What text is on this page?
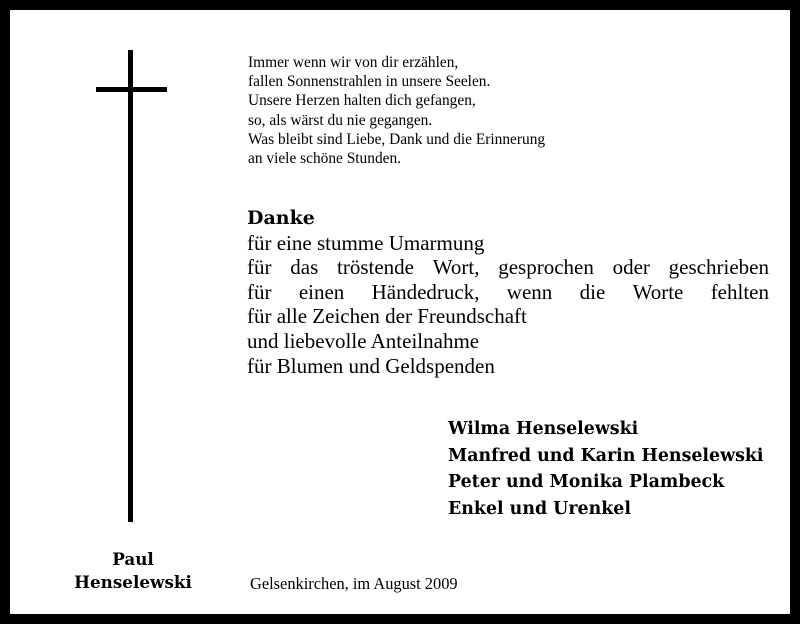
Immer wenn wir von dir erzählen,
fallen Sonnenstrahlen in unsere Seelen.
Unsere Herzen halten dich gefangen,
so, als wärst du nie gegangen.
Was bleibt sind Liebe, Dank und die Erinnerung
an viele schöne Stunden.
Danke
für eine stumme Umarmung
für das tröstende Wort, gesprochen oder geschrieben
für einen Händedruck, wenn die Worte fehlten
für alle Zeichen der Freundschaft
und liebevolle Anteilnahme
für Blumen und Geldspenden
Wilma Henselewski
Manfred und Karin Henselewski
Peter und Monika Plambeck
Enkel und Urenkel
Paul
Henselewski	Gelsenkirchen, im August 2009
